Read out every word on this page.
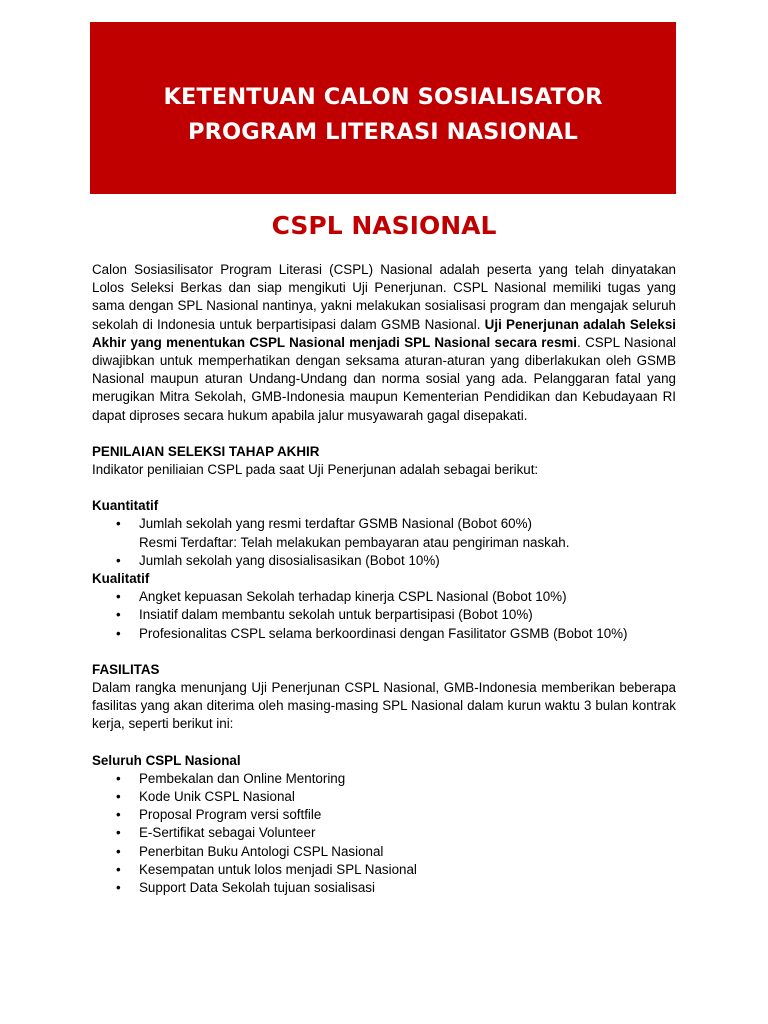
KETENTUAN CALON SOSIALISATOR
PROGRAM LITERASI NASIONAL
CSPL NASIONAL

Calon Sosiasilisator Program Literasi (CSPL) Nasional adalah peserta yang telah dinyatakan Lolos Seleksi Berkas dan siap mengikuti Uji Penerjunan. CSPL Nasional memiliki tugas yang sama dengan SPL Nasional nantinya, yakni melakukan sosialisasi program dan mengajak seluruh sekolah di Indonesia untuk berpartisipasi dalam GSMB Nasional. Uji Penerjunan adalah Seleksi Akhir yang menentukan CSPL Nasional menjadi SPL Nasional secara resmi. CSPL Nasional diwajibkan untuk memperhatikan dengan seksama aturan-aturan yang diberlakukan oleh GSMB Nasional maupun aturan Undang-Undang dan norma sosial yang ada. Pelanggaran fatal yang merugikan Mitra Sekolah, GMB-Indonesia maupun Kementerian Pendidikan dan Kebudayaan RI dapat diproses secara hukum apabila jalur musyawarah gagal disepakati.

PENILAIAN SELEKSI TAHAP AKHIR

Indikator peniliaian CSPL pada saat Uji Penerjunan adalah sebagai berikut:

Kuantitatif
• Jumlah sekolah yang resmi terdaftar GSMB Nasional (Bobot 60%)
Resmi Terdaftar: Telah melakukan pembayaran atau pengiriman naskah.
• Jumlah sekolah yang disosialisasikan (Bobot 10%)
Kualitatif
• Angket kepuasan Sekolah terhadap kinerja CSPL Nasional (Bobot 10%)
• Insiatif dalam membantu sekolah untuk berpartisipasi (Bobot 10%)
• Profesionalitas CSPL selama berkoordinasi dengan Fasilitator GSMB (Bobot 10%)
FASILITAS

Dalam rangka menunjang Uji Penerjunan CSPL Nasional, GMB-Indonesia memberikan beberapa fasilitas yang akan diterima oleh masing-masing SPL Nasional dalam kurun waktu 3 bulan kontrak kerja, seperti berikut ini:

Seluruh CSPL Nasional
• Pembekalan dan Online Mentoring
• Kode Unik CSPL Nasional
• Proposal Program versi softfile
• E-Sertifikat sebagai Volunteer
• Penerbitan Buku Antologi CSPL Nasional
• Kesempatan untuk lolos menjadi SPL Nasional
• Support Data Sekolah tujuan sosialisasi
